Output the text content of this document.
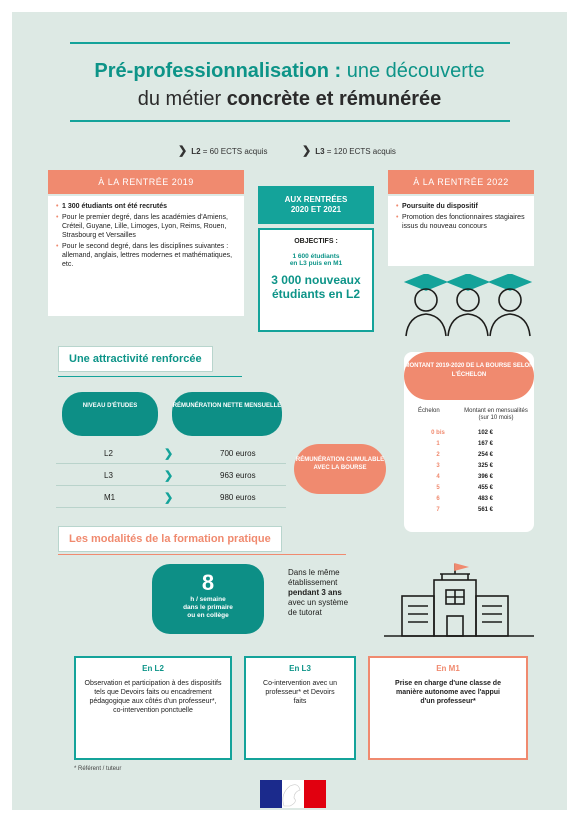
Pré-professionnalisation : une découverte
du métier concrète et rémunérée
❯ L2 = 60 ECTS acquis	❯ L3 = 120 ECTS acquis
À LA RENTRÉE 2019
• 1 300 étudiants ont été recrutés
• Pour le premier degré, dans les académies d'Amiens, Créteil, Guyane, Lille, Limoges, Lyon, Reims, Rouen, Strasbourg et Versailles
• Pour le second degré, dans les disciplines suivantes : allemand, anglais, lettres modernes et mathématiques, etc.
AUX RENTRÉES
2020 ET 2021
OBJECTIFS :
1 600 étudiants
en L3 puis en M1
3 000 nouveaux
étudiants en L2
À LA RENTRÉE 2022
• Poursuite du dispositif
• Promotion des fonctionnaires stagiaires issus du nouveau concours
Une attractivité renforcée
NIVEAU D'ÉTUDES	RÉMUNÉRATION NETTE MENSUELLE
L2	❯	700 euros
L3	❯	963 euros
M1	❯	980 euros
RÉMUNÉRATION CUMULABLE AVEC LA BOURSE
MONTANT 2019-2020 DE LA BOURSE SELON L'ÉCHELON
Échelon	Montant en mensualités (sur 10 mois)
0 bis	102 €
1	167 €
2	254 €
3	325 €
4	396 €
5	455 €
6	483 €
7	561 €
Les modalités de la formation pratique
8
h / semaine
dans le primaire
ou en collège
Dans le même
établissement
pendant 3 ans
avec un système
de tutorat
En L2
Observation et participation à des dispositifs tels que Devoirs faits ou encadrement pédagogique aux côtés d'un professeur*, co-intervention ponctuelle
En L3
Co-intervention avec un professeur* et Devoirs faits
En M1
Prise en charge d'une classe de manière autonome avec l'appui d'un professeur*
* Référent / tuteur
